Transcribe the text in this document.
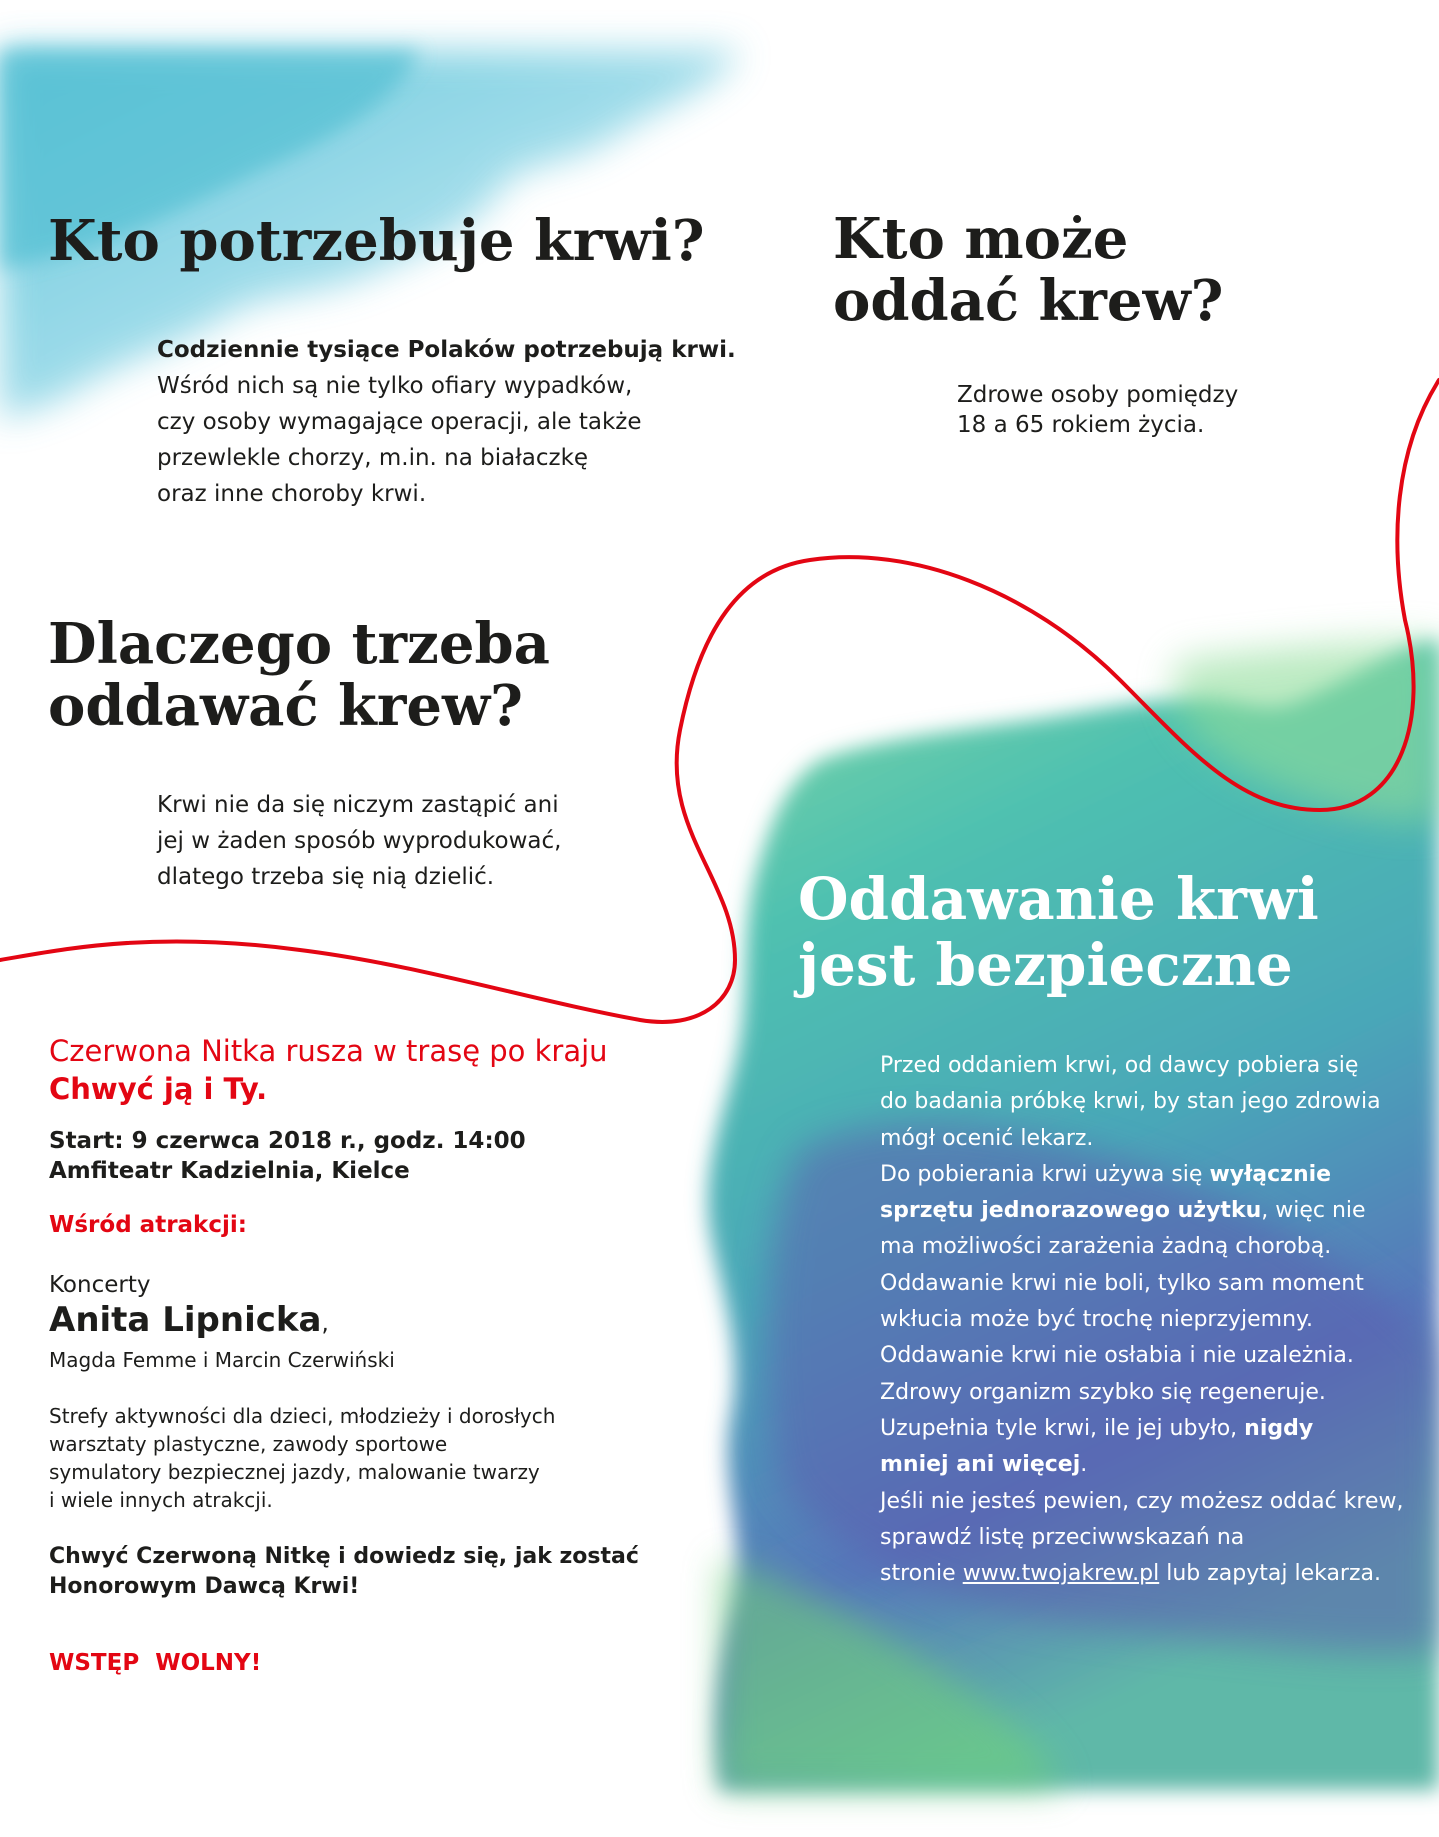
Kto potrzebuje krwi?

Codziennie tysiące Polaków potrzebują krwi.

Wśród nich są nie tylko ofiary wypadków,

czy osoby wymagające operacji, ale także

przewlekle chorzy, m.in. na białaczkę

oraz inne choroby krwi.

Kto może
oddać krew?

Zdrowe osoby pomiędzy

18 a 65 rokiem życia.

Dlaczego trzeba
oddawać krew?

Krwi nie da się niczym zastąpić ani

jej w żaden sposób wyprodukować,

dlatego trzeba się nią dzielić.

Czerwona Nitka rusza w trasę po kraju

Chwyć ją i Ty.

Start: 9 czerwca 2018 r., godz. 14:00

Amfiteatr Kadzielnia, Kielce

Wśród atrakcji:

Koncerty

Anita Lipnicka,

Magda Femme i Marcin Czerwiński

Strefy aktywności dla dzieci, młodzieży i dorosłych

warsztaty plastyczne, zawody sportowe

symulatory bezpiecznej jazdy, malowanie twarzy

i wiele innych atrakcji.

Chwyć Czerwoną Nitkę i dowiedz się, jak zostać

Honorowym Dawcą Krwi!

WSTĘP  WOLNY!

Oddawanie krwi
jest bezpieczne

Przed oddaniem krwi, od dawcy pobiera się

do badania próbkę krwi, by stan jego zdrowia

mógł ocenić lekarz.

Do pobierania krwi używa się wyłącznie

sprzętu jednorazowego użytku, więc nie

ma możliwości zarażenia żadną chorobą.

Oddawanie krwi nie boli, tylko sam moment

wkłucia może być trochę nieprzyjemny.

Oddawanie krwi nie osłabia i nie uzależnia.

Zdrowy organizm szybko się regeneruje.

Uzupełnia tyle krwi, ile jej ubyło, nigdy

mniej ani więcej.

Jeśli nie jesteś pewien, czy możesz oddać krew,

sprawdź listę przeciwwskazań na

stronie www.twojakrew.pl lub zapytaj lekarza.
